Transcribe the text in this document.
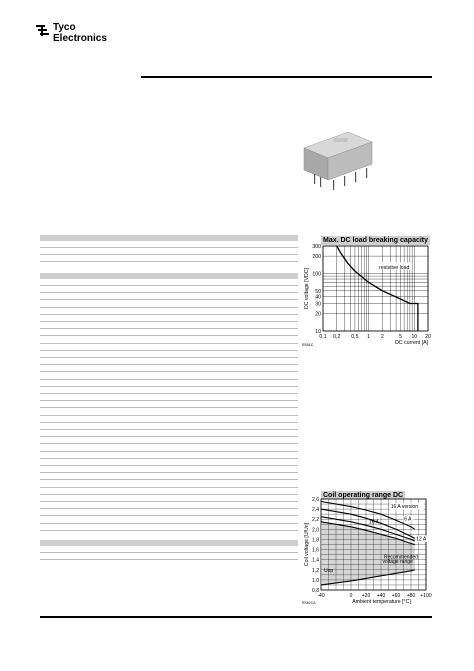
Tyco
Electronics
Max. DC load breaking capacity
resistive load
300
200
100
50
40
30
20
10
0,1 0,2 0,5 1 2	5 10 20
DC current [A]
DC voltage [VDC]
RS61C
Coil operating range DC
16 A version
6 A
16 A
12 A
Recommended
voltage range
Uop
2,6
2,4
2,2
2,0
1,8
1,6
1,4
1,2
1,0
0,8
-40	0 +20 +40 +60 +80 +100
Ambient temperature [°C]
Coil voltage [U/Un]
RS62CA
